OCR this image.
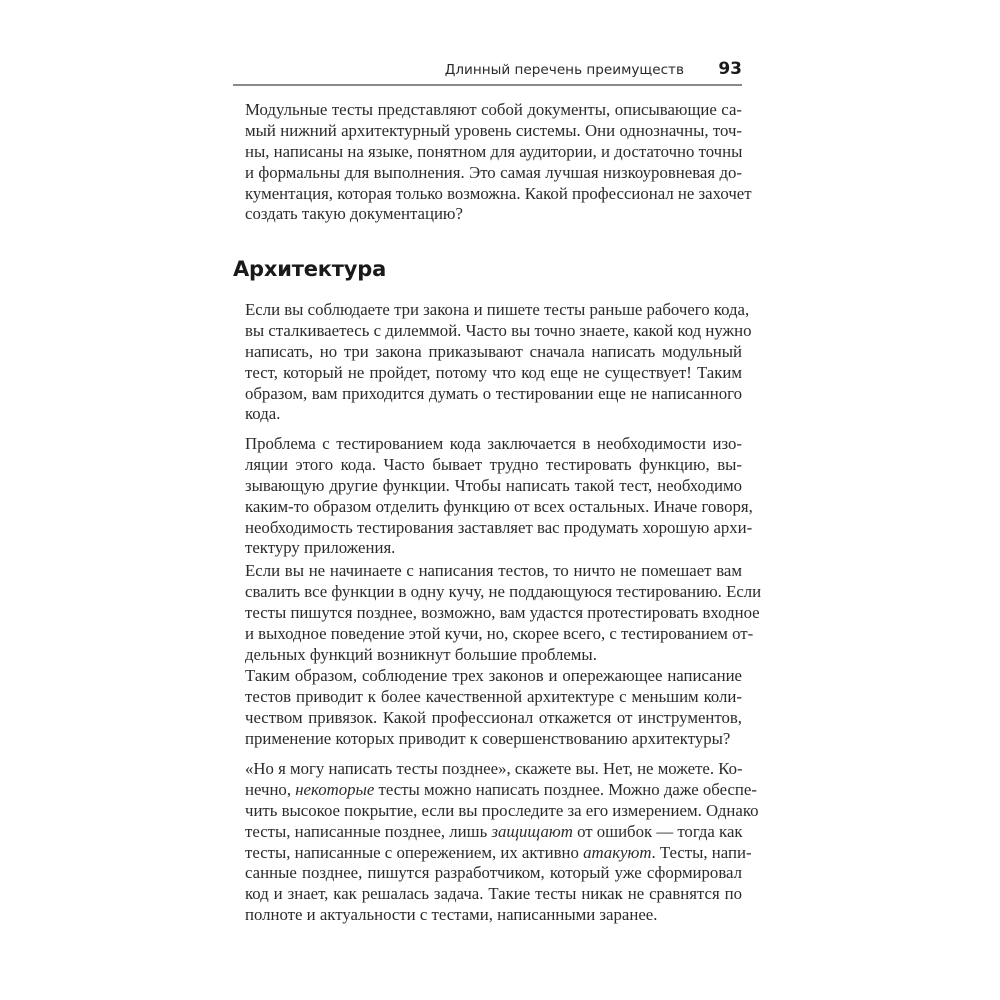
Длинный перечень преимуществ 93
Модульные тесты представляют собой документы, описывающие са-
мый нижний архитектурный уровень системы. Они однозначны, точ-
ны, написаны на языке, понятном для аудитории, и достаточно точны
и формальны для выполнения. Это самая лучшая низкоуровневая до-
кументация, которая только возможна. Какой профессионал не захочет
создать такую документацию?
Архитектура
Если вы соблюдаете три закона и пишете тесты раньше рабочего кода,
вы сталкиваетесь с дилеммой. Часто вы точно знаете, какой код нужно
написать, но три закона приказывают сначала написать модульный
тест, который не пройдет, потому что код еще не существует! Таким
образом, вам приходится думать о тестировании еще не написанного
кода.
Проблема с тестированием кода заключается в необходимости изо-
ляции этого кода. Часто бывает трудно тестировать функцию, вы-
зывающую другие функции. Чтобы написать такой тест, необходимо
каким-то образом отделить функцию от всех остальных. Иначе говоря,
необходимость тестирования заставляет вас продумать хорошую архи-
тектуру приложения.
Если вы не начинаете с написания тестов, то ничто не помешает вам
свалить все функции в одну кучу, не поддающуюся тестированию. Если
тесты пишутся позднее, возможно, вам удастся протестировать входное
и выходное поведение этой кучи, но, скорее всего, с тестированием от-
дельных функций возникнут большие проблемы.
Таким образом, соблюдение трех законов и опережающее написание
тестов приводит к более качественной архитектуре с меньшим коли-
чеством привязок. Какой профессионал откажется от инструментов,
применение которых приводит к совершенствованию архитектуры?
«Но я могу написать тесты позднее», скажете вы. Нет, не можете. Ко-
нечно, некоторые тесты можно написать позднее. Можно даже обеспе-
чить высокое покрытие, если вы проследите за его измерением. Однако
тесты, написанные позднее, лишь защищают от ошибок — тогда как
тесты, написанные с опережением, их активно атакуют. Тесты, напи-
санные позднее, пишутся разработчиком, который уже сформировал
код и знает, как решалась задача. Такие тесты никак не сравнятся по
полноте и актуальности с тестами, написанными заранее.
